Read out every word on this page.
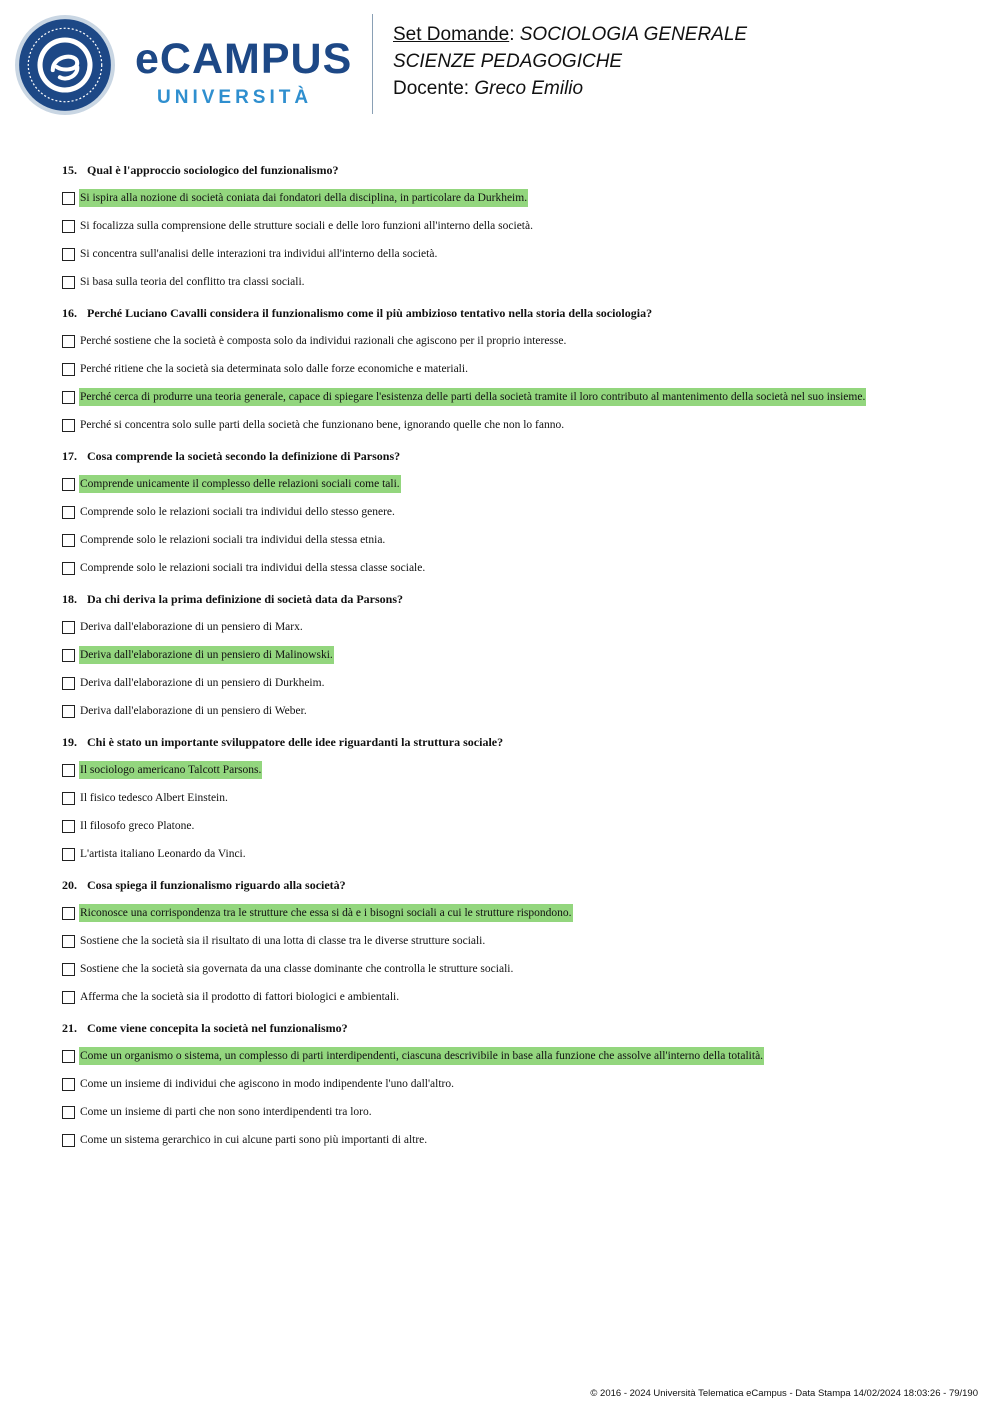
eCAMPUS
UNIVERSITÀ
Set Domande: SOCIOLOGIA GENERALE
SCIENZE PEDAGOGICHE
Docente: Greco Emilio
15. Qual è l'approccio sociologico del funzionalismo?
Si ispira alla nozione di società coniata dai fondatori della disciplina, in particolare da Durkheim.
Si focalizza sulla comprensione delle strutture sociali e delle loro funzioni all'interno della società.
Si concentra sull'analisi delle interazioni tra individui all'interno della società.
Si basa sulla teoria del conflitto tra classi sociali.
16. Perché Luciano Cavalli considera il funzionalismo come il più ambizioso tentativo nella storia della sociologia?
Perché sostiene che la società è composta solo da individui razionali che agiscono per il proprio interesse.
Perché ritiene che la società sia determinata solo dalle forze economiche e materiali.
Perché cerca di produrre una teoria generale, capace di spiegare l'esistenza delle parti della società tramite il loro contributo al mantenimento della società nel suo insieme.
Perché si concentra solo sulle parti della società che funzionano bene, ignorando quelle che non lo fanno.
17. Cosa comprende la società secondo la definizione di Parsons?
Comprende unicamente il complesso delle relazioni sociali come tali.
Comprende solo le relazioni sociali tra individui dello stesso genere.
Comprende solo le relazioni sociali tra individui della stessa etnia.
Comprende solo le relazioni sociali tra individui della stessa classe sociale.
18. Da chi deriva la prima definizione di società data da Parsons?
Deriva dall'elaborazione di un pensiero di Marx.
Deriva dall'elaborazione di un pensiero di Malinowski.
Deriva dall'elaborazione di un pensiero di Durkheim.
Deriva dall'elaborazione di un pensiero di Weber.
19. Chi è stato un importante sviluppatore delle idee riguardanti la struttura sociale?
Il sociologo americano Talcott Parsons.
Il fisico tedesco Albert Einstein.
Il filosofo greco Platone.
L'artista italiano Leonardo da Vinci.
20. Cosa spiega il funzionalismo riguardo alla società?
Riconosce una corrispondenza tra le strutture che essa si dà e i bisogni sociali a cui le strutture rispondono.
Sostiene che la società sia il risultato di una lotta di classe tra le diverse strutture sociali.
Sostiene che la società sia governata da una classe dominante che controlla le strutture sociali.
Afferma che la società sia il prodotto di fattori biologici e ambientali.
21. Come viene concepita la società nel funzionalismo?
Come un organismo o sistema, un complesso di parti interdipendenti, ciascuna descrivibile in base alla funzione che assolve all'interno della totalità.
Come un insieme di individui che agiscono in modo indipendente l'uno dall'altro.
Come un insieme di parti che non sono interdipendenti tra loro.
Come un sistema gerarchico in cui alcune parti sono più importanti di altre.
© 2016 - 2024 Università Telematica eCampus - Data Stampa 14/02/2024 18:03:26 - 79/190
